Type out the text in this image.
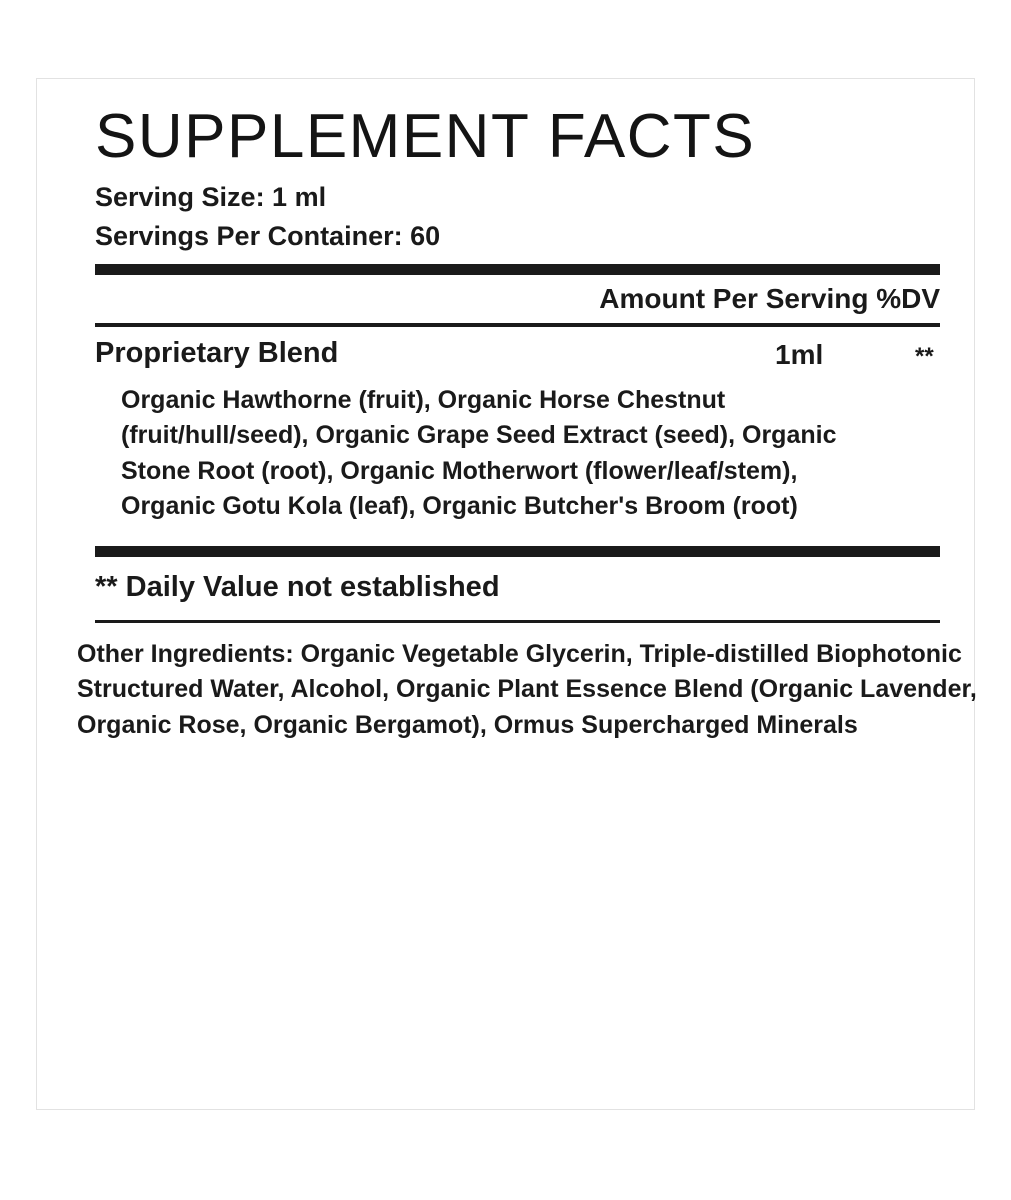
SUPPLEMENT FACTS
Serving Size: 1 ml
Servings Per Container: 60
Amount Per Serving %DV
Proprietary Blend	1ml	**
Organic Hawthorne (fruit), Organic Horse Chestnut (fruit/hull/seed), Organic Grape Seed Extract (seed), Organic Stone Root (root), Organic Motherwort (flower/leaf/stem), Organic Gotu Kola (leaf), Organic Butcher's Broom (root)
** Daily Value not established
Other Ingredients: Organic Vegetable Glycerin, Triple-distilled Biophotonic Structured Water, Alcohol, Organic Plant Essence Blend (Organic Lavender, Organic Rose, Organic Bergamot), Ormus Supercharged Minerals
